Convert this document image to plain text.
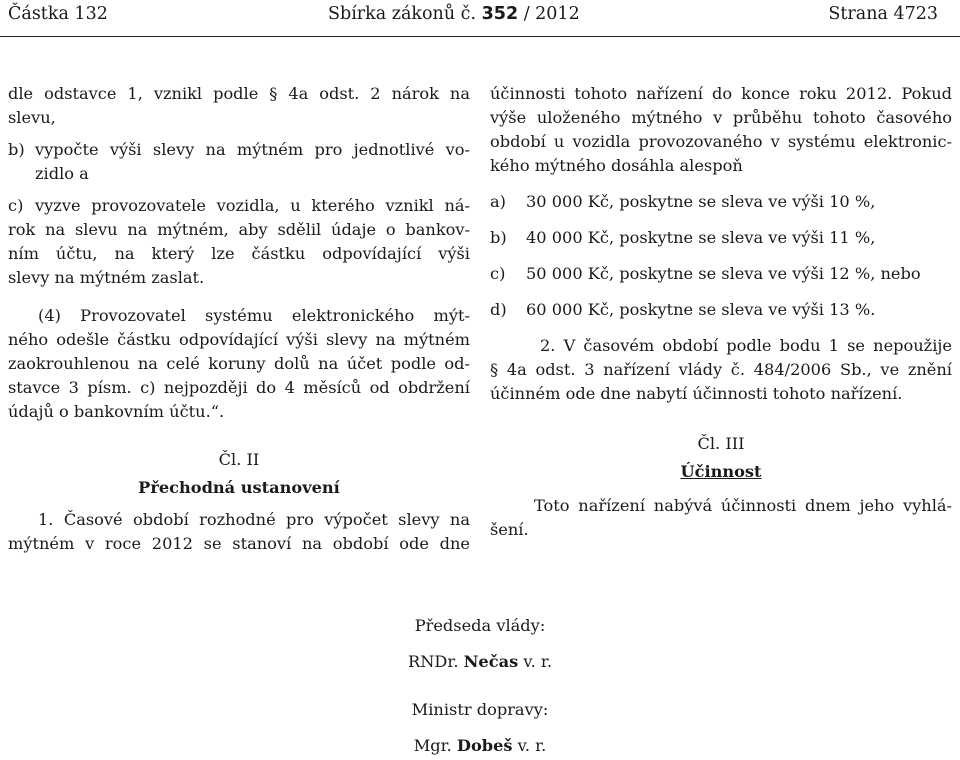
Částka 132	Sbírka zákonů č. 352 / 2012	Strana 4723

dle odstavce 1, vznikl podle § 4a odst. 2 nárok na

slevu,

b) vypočte výši slevy na mýtném pro jednotlivé vo-

zidlo a

c) vyzve provozovatele vozidla, u kterého vznikl ná-

rok na slevu na mýtném, aby sdělil údaje o bankov-

ním účtu, na který lze částku odpovídající výši

slevy na mýtném zaslat.

(4) Provozovatel systému elektronického mýt-

ného odešle částku odpovídající výši slevy na mýtném

zaokrouhlenou na celé koruny dolů na účet podle od-

stavce 3 písm. c) nejpozději do 4 měsíců od obdržení

údajů o bankovním účtu.“.

Čl. II

Přechodná ustanovení

1. Časové období rozhodné pro výpočet slevy na

mýtném v roce 2012 se stanoví na období ode dne

účinnosti tohoto nařízení do konce roku 2012. Pokud

výše uloženého mýtného v průběhu tohoto časového

období u vozidla provozovaného v systému elektronic-

kého mýtného dosáhla alespoň

a)	30 000 Kč, poskytne se sleva ve výši 10 %,

b)	40 000 Kč, poskytne se sleva ve výši 11 %,

c)	50 000 Kč, poskytne se sleva ve výši 12 %, nebo

d)	60 000 Kč, poskytne se sleva ve výši 13 %.

2. V časovém období podle bodu 1 se nepoužije

§ 4a odst. 3 nařízení vlády č. 484/2006 Sb., ve znění

účinném ode dne nabytí účinnosti tohoto nařízení.

Čl. III

Účinnost

Toto nařízení nabývá účinnosti dnem jeho vyhlá-

šení.

Předseda vlády:
RNDr. Nečas v. r.
Ministr dopravy:
Mgr. Dobeš v. r.
